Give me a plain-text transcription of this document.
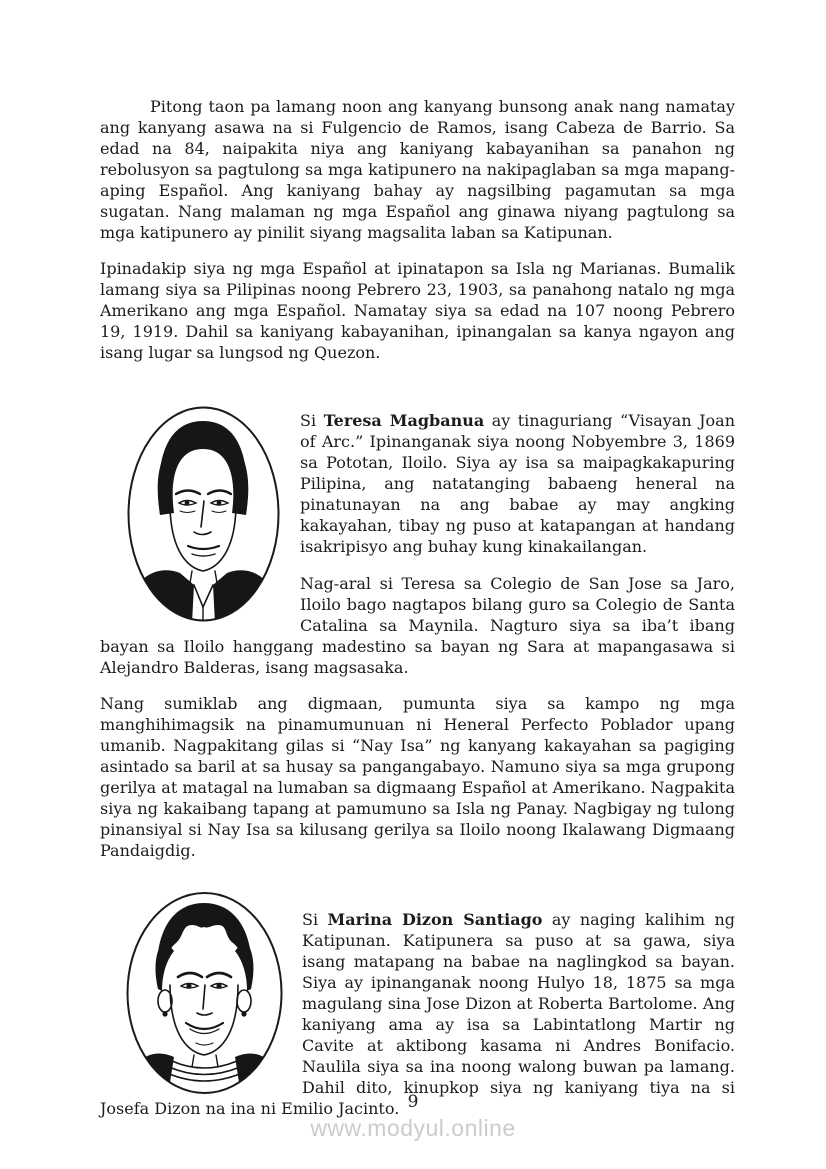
Pitong taon pa lamang noon ang kanyang bunsong anak nang namatay ang kanyang asawa na si Fulgencio de Ramos, isang Cabeza de Barrio. Sa edad na 84, naipakita niya ang kaniyang kabayanihan sa panahon ng rebolusyon sa pagtulong sa mga katipunero na nakipaglaban sa mga mapang-aping Español. Ang kaniyang bahay ay nagsilbing pagamutan sa mga sugatan. Nang malaman ng mga Español ang ginawa niyang pagtulong sa mga katipunero ay pinilit siyang magsalita laban sa Katipunan.

Ipinadakip siya ng mga Español at ipinatapon sa Isla ng Marianas. Bumalik lamang siya sa Pilipinas noong Pebrero 23, 1903, sa panahong natalo ng mga Amerikano ang mga Español. Namatay siya sa edad na 107 noong Pebrero 19, 1919. Dahil sa kaniyang kabayanihan, ipinangalan sa kanya ngayon ang isang lugar sa lungsod ng Quezon.

Si Teresa Magbanua ay tinaguriang “Visayan Joan of Arc.” Ipinanganak siya noong Nobyembre 3, 1869 sa Pototan, Iloilo. Siya ay isa sa maipagkakapuring Pilipina, ang natatanging babaeng heneral na pinatunayan na ang babae ay may angking kakayahan, tibay ng puso at katapangan at handang isakripisyo ang buhay kung kinakailangan.

Nag-aral si Teresa sa Colegio de San Jose sa Jaro, Iloilo bago nagtapos bilang guro sa Colegio de Santa Catalina sa Maynila. Nagturo siya sa iba’t ibang bayan sa Iloilo hanggang madestino sa bayan ng Sara at mapangasawa si Alejandro Balderas, isang magsasaka.

Nang sumiklab ang digmaan, pumunta siya sa kampo ng mga manghihimagsik na pinamumunuan ni Heneral Perfecto Poblador upang umanib. Nagpakitang gilas si “Nay Isa” ng kanyang kakayahan sa pagiging asintado sa baril at sa husay sa pangangabayo. Namuno siya sa mga grupong gerilya at matagal na lumaban sa digmaang Español at Amerikano. Nagpakita siya ng kakaibang tapang at pamumuno sa Isla ng Panay. Nagbigay ng tulong pinansiyal si Nay Isa sa kilusang gerilya sa Iloilo noong Ikalawang Digmaang Pandaigdig.

Si Marina Dizon Santiago ay naging kalihim ng Katipunan. Katipunera sa puso at sa gawa, siya isang matapang na babae na naglingkod sa bayan. Siya ay ipinanganak noong Hulyo 18, 1875 sa mga magulang sina Jose Dizon at Roberta Bartolome. Ang kaniyang ama ay isa sa Labintatlong Martir ng Cavite at aktibong kasama ni Andres Bonifacio. Naulila siya sa ina noong walong buwan pa lamang. Dahil dito, kinupkop siya ng kaniyang tiya na si Josefa Dizon na ina ni Emilio Jacinto. 9
www.modyul.online
